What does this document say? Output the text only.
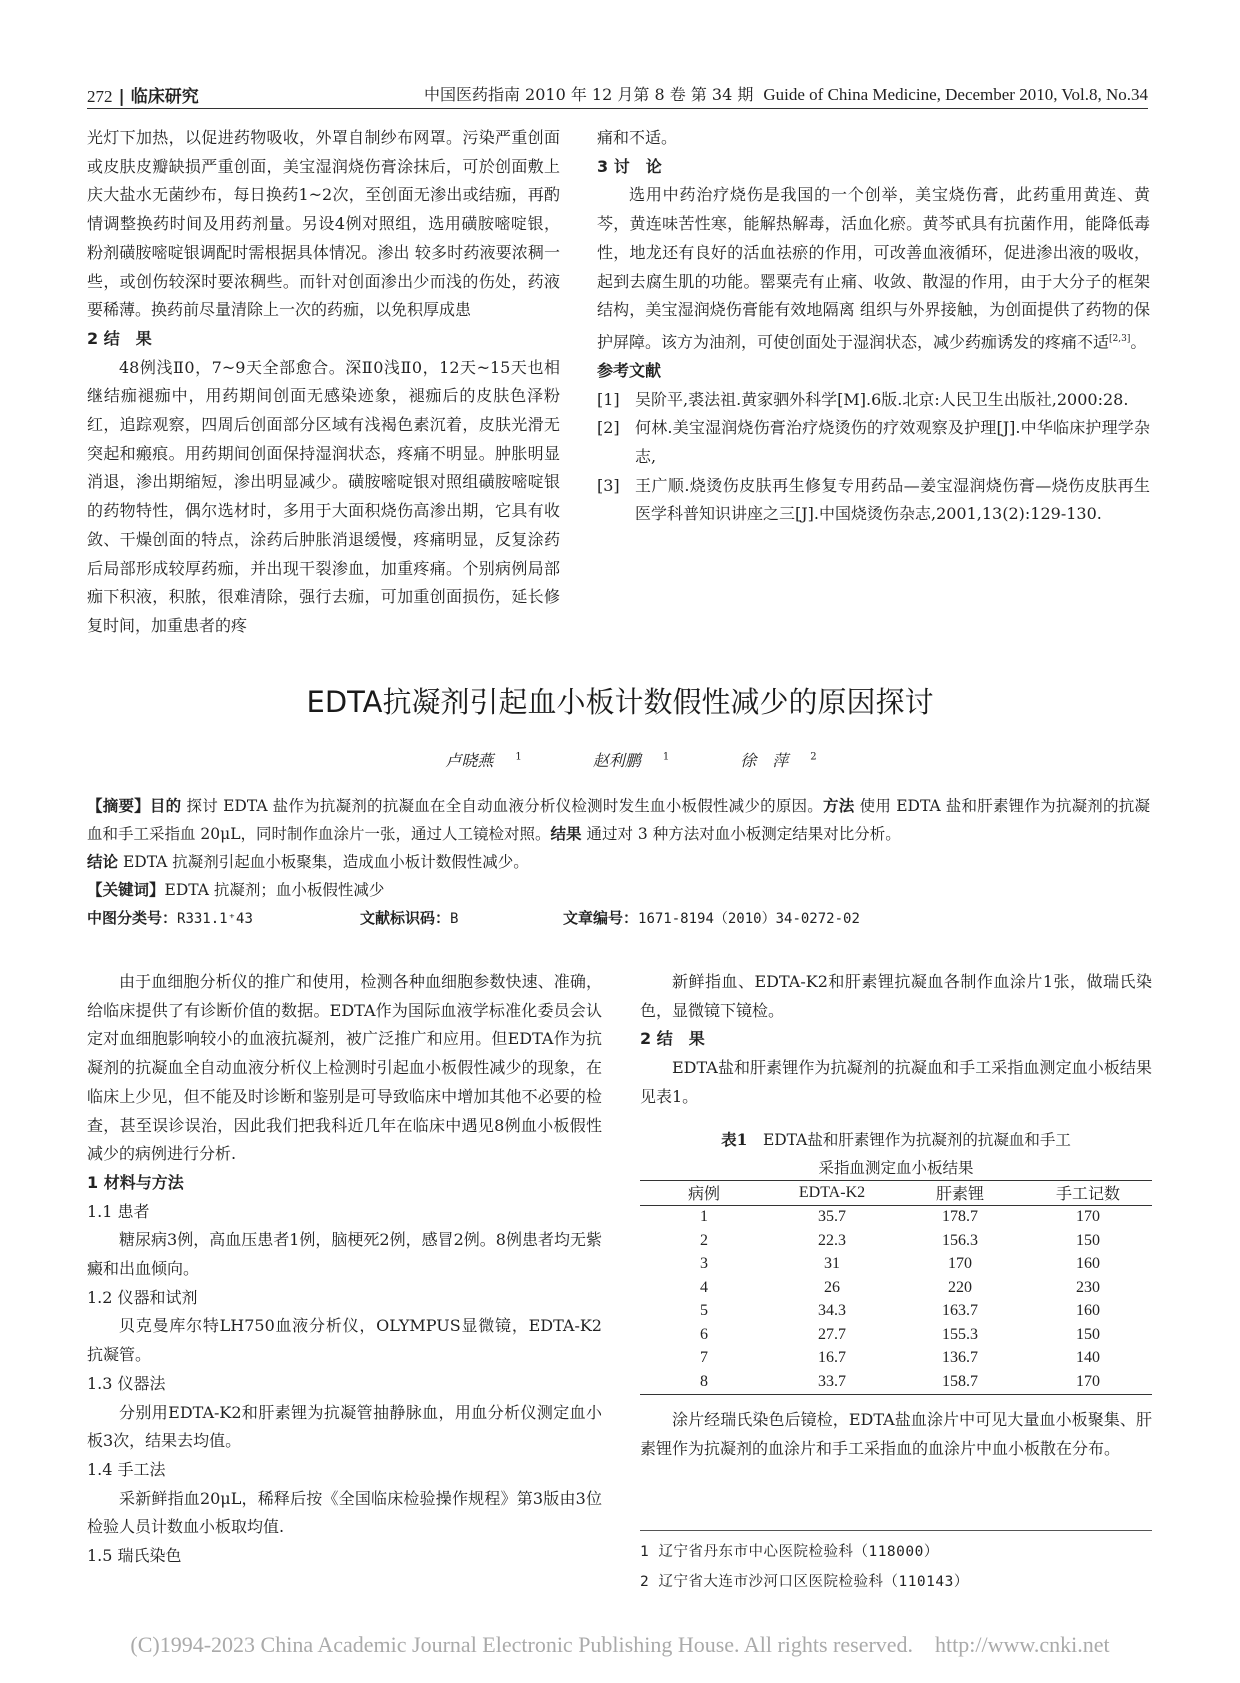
272 | 临床研究	中国医药指南 2010 年 12 月第 8 卷 第 34 期 Guide of China Medicine, December 2010, Vol.8, No.34

光灯下加热，以促进药物吸收，外罩自制纱布网罩。污染严重创面或皮肤皮瓣缺损严重创面，美宝湿润烧伤膏涂抹后，可於创面敷上庆大盐水无菌纱布，每日换药1~2次，至创面无渗出或结痂，再酌情调整换药时间及用药剂量。另设4例对照组，选用磺胺嘧啶银，粉剂磺胺嘧啶银调配时需根据具体情况。渗出 较多时药液要浓稠一些，或创伤较深时要浓稠些。而针对创面渗出少而浅的伤处，药液要稀薄。换药前尽量清除上一次的药痂，以免积厚成患

2 结　果

48例浅Ⅱ0，7~9天全部愈合。深Ⅱ0浅Ⅱ0，12天~15天也相继结痂褪痂中，用药期间创面无感染迹象，褪痂后的皮肤色泽粉红，追踪观察，四周后创面部分区域有浅褐色素沉着，皮肤光滑无突起和瘢痕。用药期间创面保持湿润状态，疼痛不明显。肿胀明显消退，渗出期缩短，渗出明显减少。磺胺嘧啶银对照组磺胺嘧啶银的药物特性，偶尔选材时，多用于大面积烧伤高渗出期，它具有收敛、干燥创面的特点，涂药后肿胀消退缓慢，疼痛明显，反复涂药后局部形成较厚药痂，并出现干裂渗血，加重疼痛。个别病例局部痂下积液，积脓，很难清除，强行去痂，可加重创面损伤，延长修复时间，加重患者的疼

痛和不适。

3 讨　论

选用中药治疗烧伤是我国的一个创举，美宝烧伤膏，此药重用黄连、黄芩，黄连味苦性寒，能解热解毒，活血化瘀。黄芩甙具有抗菌作用，能降低毒性，地龙还有良好的活血祛瘀的作用，可改善血液循环，促进渗出液的吸收，起到去腐生肌的功能。罂粟壳有止痛、收敛、散湿的作用，由于大分子的框架结构，美宝湿润烧伤膏能有效地隔离 组织与外界接触，为创面提供了药物的保护屏障。该方为油剂，可使创面处于湿润状态，减少药痂诱发的疼痛不适[2,3]。

参考文献

[1] 吴阶平,裘法祖.黄家驷外科学[M].6版.北京:人民卫生出版社,2000:28.
[2] 何林.美宝湿润烧伤膏治疗烧烫伤的疗效观察及护理[J].中华临床护理学杂志,
[3] 王广顺.烧烫伤皮肤再生修复专用药品—姜宝湿润烧伤膏—烧伤皮肤再生医学科普知识讲座之三[J].中国烧烫伤杂志,2001,13(2):129-130.
EDTA抗凝剂引起血小板计数假性减少的原因探讨
卢晓燕 $^1$	赵利鹏 $^1$	徐　萍 $^2$
【摘要】目的 探讨 EDTA 盐作为抗凝剂的抗凝血在全自动血液分析仪检测时发生血小板假性减少的原因。方法 使用 EDTA 盐和肝素锂作为抗凝剂的抗凝血和手工采指血 20μL，同时制作血涂片一张，通过人工镜检对照。结果 通过对 3 种方法对血小板测定结果对比分析。
结论 EDTA 抗凝剂引起血小板聚集，造成血小板计数假性减少。
【关键词】EDTA 抗凝剂；血小板假性减少
中图分类号：R331.1⁺43	文献标识码：B	文章编号：1671-8194（2010）34-0272-02

由于血细胞分析仪的推广和使用，检测各种血细胞参数快速、准确，给临床提供了有诊断价值的数据。EDTA作为国际血液学标准化委员会认定对血细胞影响较小的血液抗凝剂，被广泛推广和应用。但EDTA作为抗凝剂的抗凝血全自动血液分析仪上检测时引起血小板假性减少的现象，在临床上少见，但不能及时诊断和鉴别是可导致临床中增加其他不必要的检查，甚至误诊误治，因此我们把我科近几年在临床中遇见8例血小板假性减少的病例进行分析.

1 材料与方法

1.1 患者

糖尿病3例，高血压患者1例，脑梗死2例，感冒2例。8例患者均无紫癜和出血倾向。

1.2 仪器和试剂

贝克曼库尔特LH750血液分析仪，OLYMPUS显微镜，EDTA-K2抗凝管。

1.3 仪器法

分别用EDTA-K2和肝素锂为抗凝管抽静脉血，用血分析仪测定血小板3次，结果去均值。

1.4 手工法

采新鲜指血20μL，稀释后按《全国临床检验操作规程》第3版由3位检验人员计数血小板取均值.

1.5 瑞氏染色

新鲜指血、EDTA-K2和肝素锂抗凝血各制作血涂片1张，做瑞氏染色，显微镜下镜检。

2 结　果

EDTA盐和肝素锂作为抗凝剂的抗凝血和手工采指血测定血小板结果见表1。

表1　 EDTA盐和肝素锂作为抗凝剂的抗凝血和手工
采指血测定血小板结果
病例	EDTA-K2	肝素锂	手工记数
1	35.7	178.7	170
2	22.3	156.3	150
3	31	170	160
4	26	220	230
5	34.3	163.7	160
6	27.7	155.3	150
7	16.7	136.7	140
8	33.7	158.7	170

涂片经瑞氏染色后镜检，EDTA盐血涂片中可见大量血小板聚集、肝素锂作为抗凝剂的血涂片和手工采指血的血涂片中血小板散在分布。

1 辽宁省丹东市中心医院检验科（118000）
2 辽宁省大连市沙河口区医院检验科（110143）
(C)1994-2023 China Academic Journal Electronic Publishing House. All rights reserved.　http://www.cnki.net
